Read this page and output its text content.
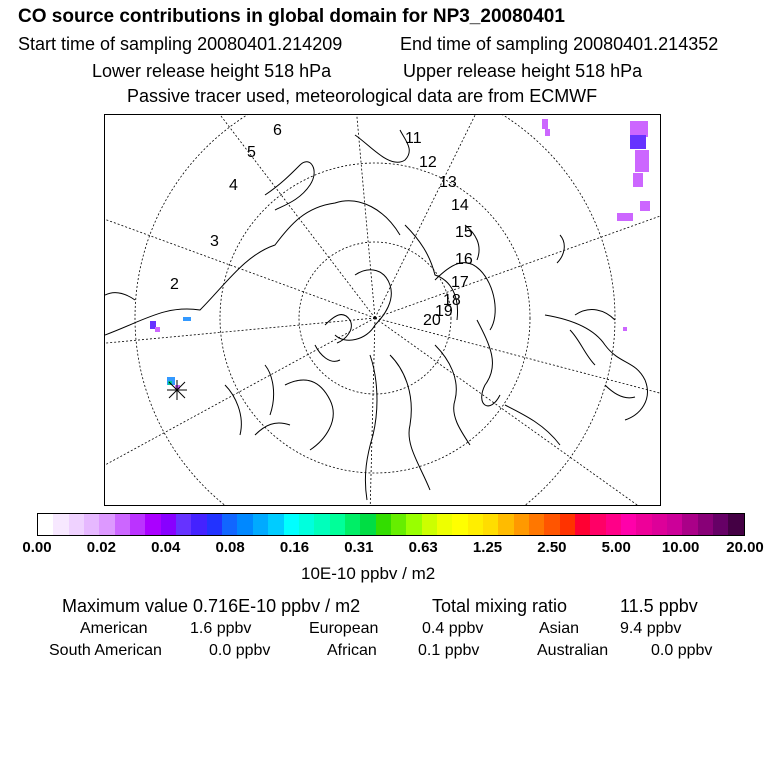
CO source contributions in global domain for NP3_20080401
Start time of sampling 20080401.214209	End time of sampling 20080401.214352
Lower release height 518 hPa	Upper release height 518 hPa
Passive tracer used, meteorological data are from ECMWF
2
3
4
5
6	11
12
13
14
15
16
17
18
19
20
0.00 0.02 0.04 0.08 0.16 0.31 0.63 1.25 2.50 5.00 10.00 20.00
10E-10 ppbv / m2
Maximum value 0.716E-10 ppbv / m2	Total mixing ratio	11.5 ppbv
American	1.6 ppbv	European	0.4 ppbv	Asian	9.4 ppbv
South American	0.0 ppbv	African	0.1 ppbv	Australian	0.0 ppbv
